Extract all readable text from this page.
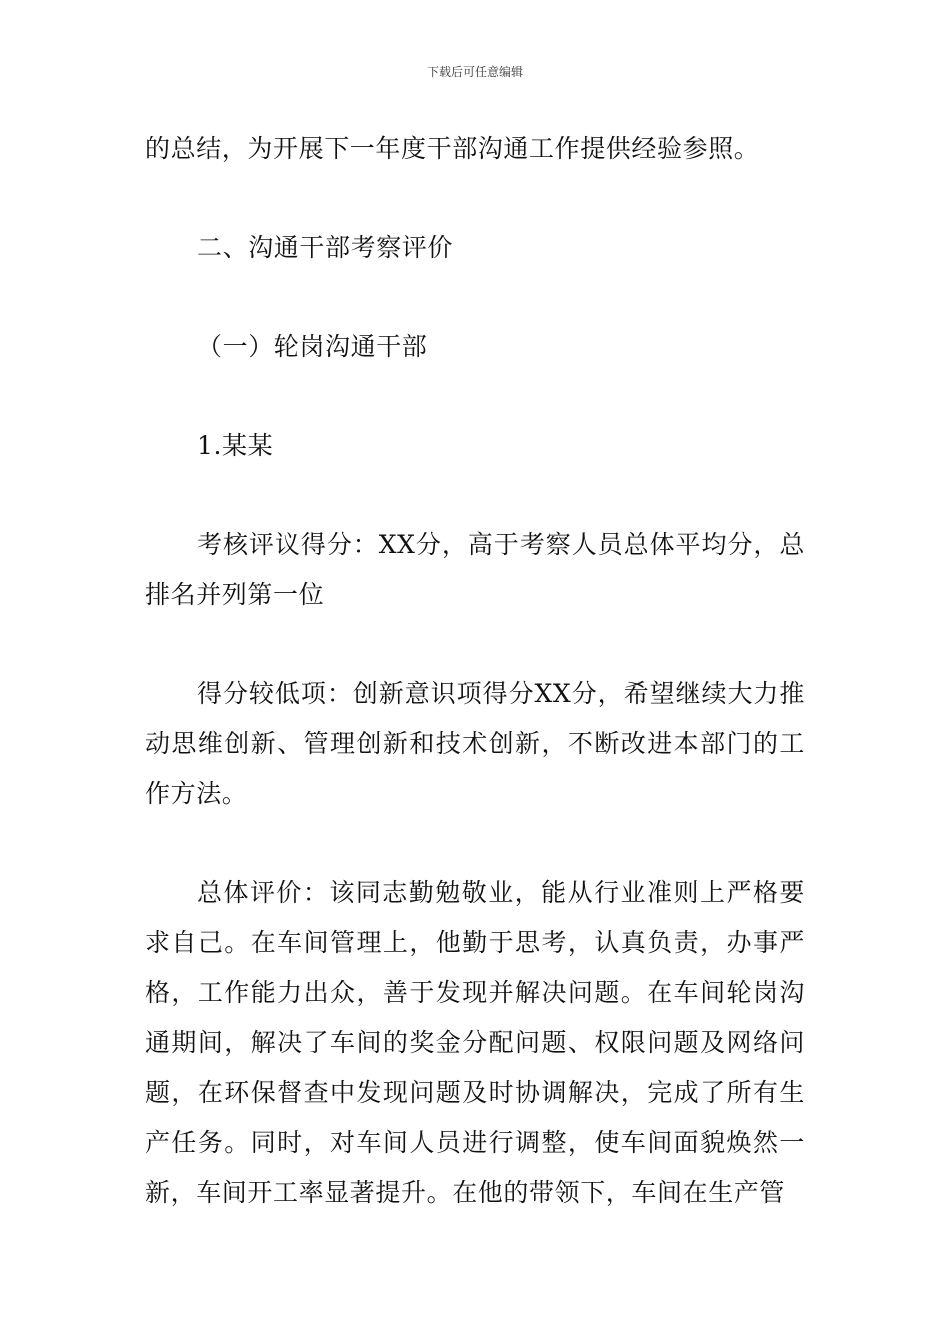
下载后可任意编辑

的总结，为开展下一年度干部沟通工作提供经验参照。

二、沟通干部考察评价

（一）轮岗沟通干部

1.某某

考核评议得分：XX分，高于考察人员总体平均分，总排名并列第一位

得分较低项：创新意识项得分XX分，希望继续大力推动思维创新、管理创新和技术创新，不断改进本部门的工作方法。

总体评价：该同志勤勉敬业，能从行业准则上严格要求自己。在车间管理上，他勤于思考，认真负责，办事严格，工作能力出众，善于发现并解决问题。在车间轮岗沟通期间，解决了车间的奖金分配问题、权限问题及网络问题，在环保督查中发现问题及时协调解决，完成了所有生产任务。同时，对车间人员进行调整，使车间面貌焕然一新，车间开工率显著提升。在他的带领下，车间在生产管
